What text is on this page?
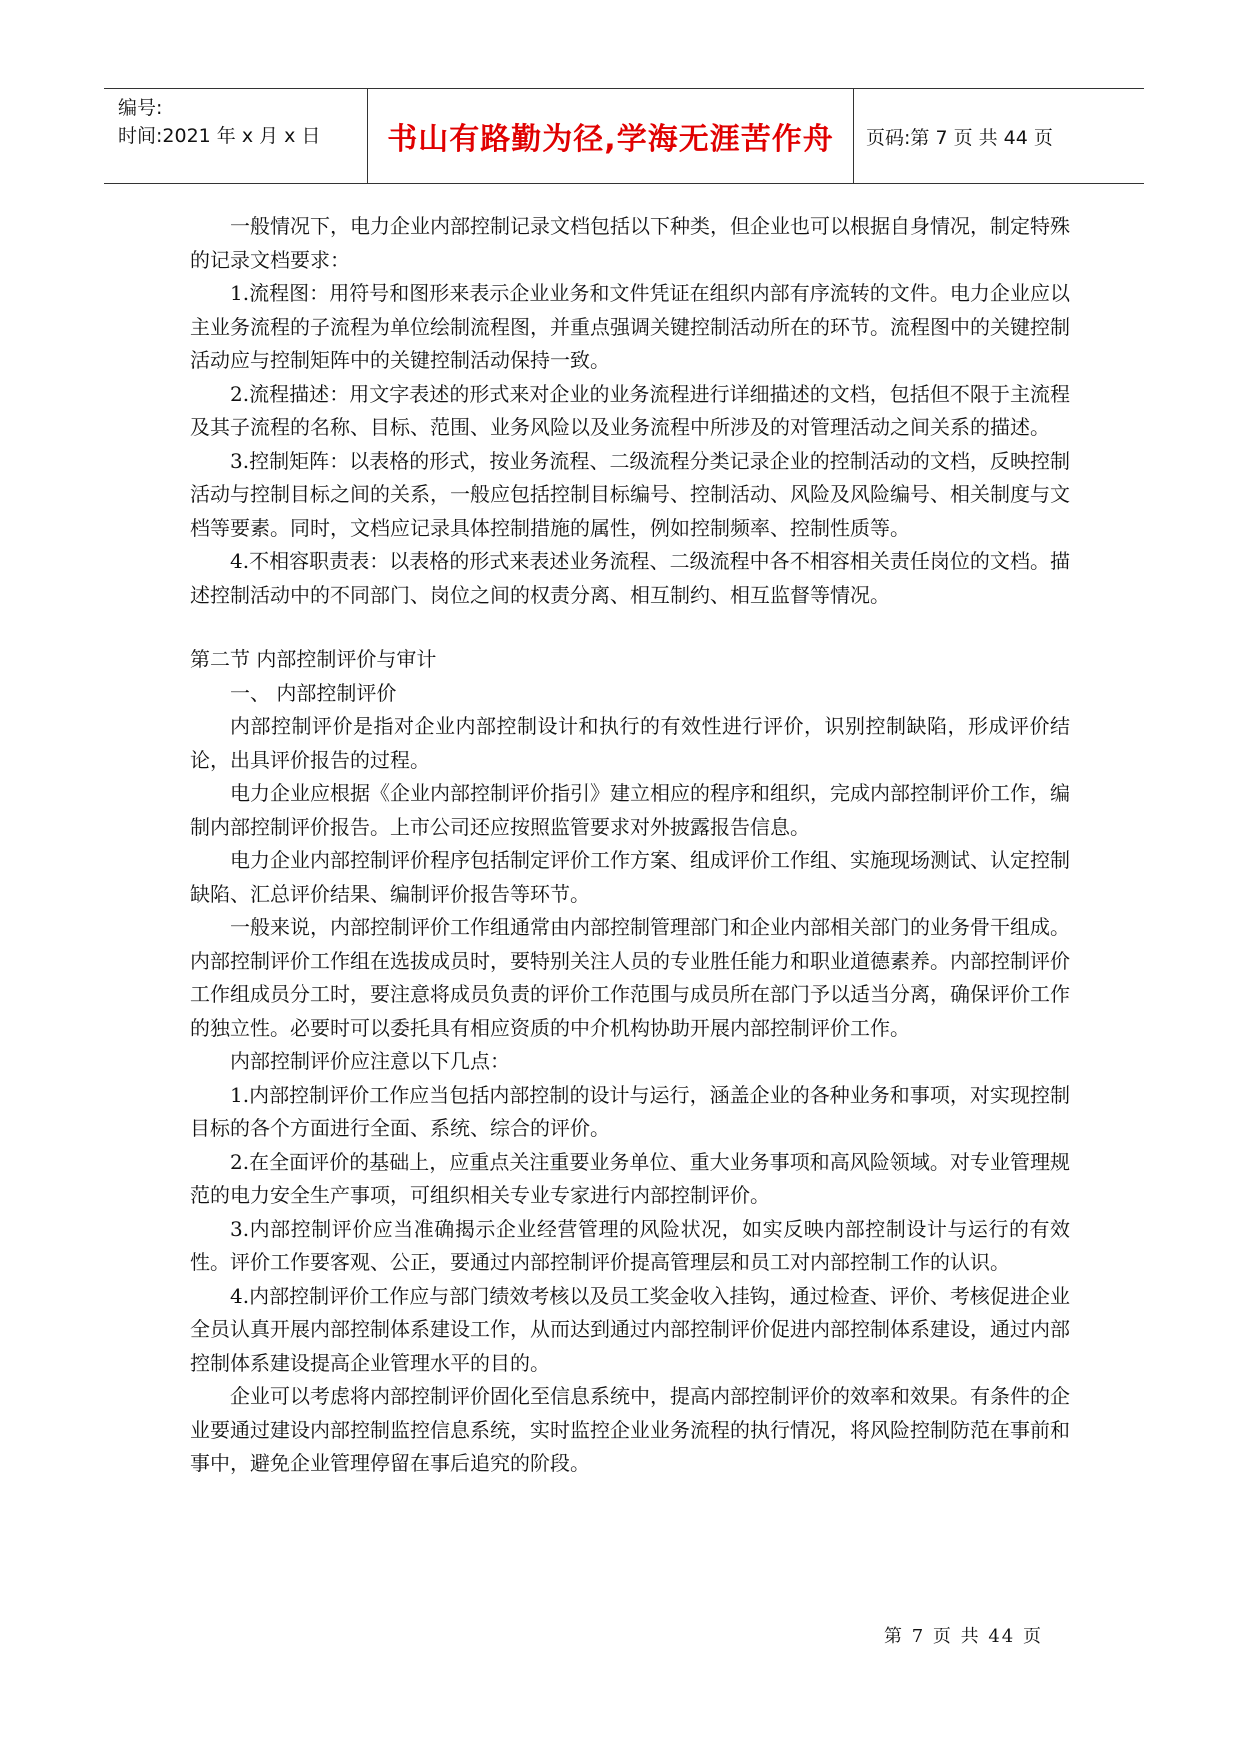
编号:
时间:2021 年 x 月 x 日 书山有路勤为径,学海无涯苦作舟 页码:第 7 页 共 44 页

一般情况下，电力企业内部控制记录文档包括以下种类，但企业也可以根据自身情况，制定特殊的记录文档要求：

1.流程图：用符号和图形来表示企业业务和文件凭证在组织内部有序流转的文件。电力企业应以主业务流程的子流程为单位绘制流程图，并重点强调关键控制活动所在的环节。流程图中的关键控制活动应与控制矩阵中的关键控制活动保持一致。

2.流程描述：用文字表述的形式来对企业的业务流程进行详细描述的文档，包括但不限于主流程及其子流程的名称、目标、范围、业务风险以及业务流程中所涉及的对管理活动之间关系的描述。

3.控制矩阵：以表格的形式，按业务流程、二级流程分类记录企业的控制活动的文档，反映控制活动与控制目标之间的关系，一般应包括控制目标编号、控制活动、风险及风险编号、相关制度与文档等要素。同时，文档应记录具体控制措施的属性，例如控制频率、控制性质等。

4.不相容职责表：以表格的形式来表述业务流程、二级流程中各不相容相关责任岗位的文档。描述控制活动中的不同部门、岗位之间的权责分离、相互制约、相互监督等情况。

第二节 内部控制评价与审计

一、 内部控制评价

内部控制评价是指对企业内部控制设计和执行的有效性进行评价，识别控制缺陷，形成评价结论，出具评价报告的过程。

电力企业应根据《企业内部控制评价指引》建立相应的程序和组织，完成内部控制评价工作，编制内部控制评价报告。上市公司还应按照监管要求对外披露报告信息。

电力企业内部控制评价程序包括制定评价工作方案、组成评价工作组、实施现场测试、认定控制缺陷、汇总评价结果、编制评价报告等环节。

一般来说，内部控制评价工作组通常由内部控制管理部门和企业内部相关部门的业务骨干组成。内部控制评价工作组在选拔成员时，要特别关注人员的专业胜任能力和职业道德素养。内部控制评价工作组成员分工时，要注意将成员负责的评价工作范围与成员所在部门予以适当分离，确保评价工作的独立性。必要时可以委托具有相应资质的中介机构协助开展内部控制评价工作。

内部控制评价应注意以下几点：

1.内部控制评价工作应当包括内部控制的设计与运行，涵盖企业的各种业务和事项，对实现控制目标的各个方面进行全面、系统、综合的评价。

2.在全面评价的基础上，应重点关注重要业务单位、重大业务事项和高风险领域。对专业管理规范的电力安全生产事项，可组织相关专业专家进行内部控制评价。

3.内部控制评价应当准确揭示企业经营管理的风险状况，如实反映内部控制设计与运行的有效性。评价工作要客观、公正，要通过内部控制评价提高管理层和员工对内部控制工作的认识。

4.内部控制评价工作应与部门绩效考核以及员工奖金收入挂钩，通过检查、评价、考核促进企业全员认真开展内部控制体系建设工作，从而达到通过内部控制评价促进内部控制体系建设，通过内部控制体系建设提高企业管理水平的目的。

企业可以考虑将内部控制评价固化至信息系统中，提高内部控制评价的效率和效果。有条件的企业要通过建设内部控制监控信息系统，实时监控企业业务流程的执行情况，将风险控制防范在事前和事中，避免企业管理停留在事后追究的阶段。

第 7 页 共 44 页
